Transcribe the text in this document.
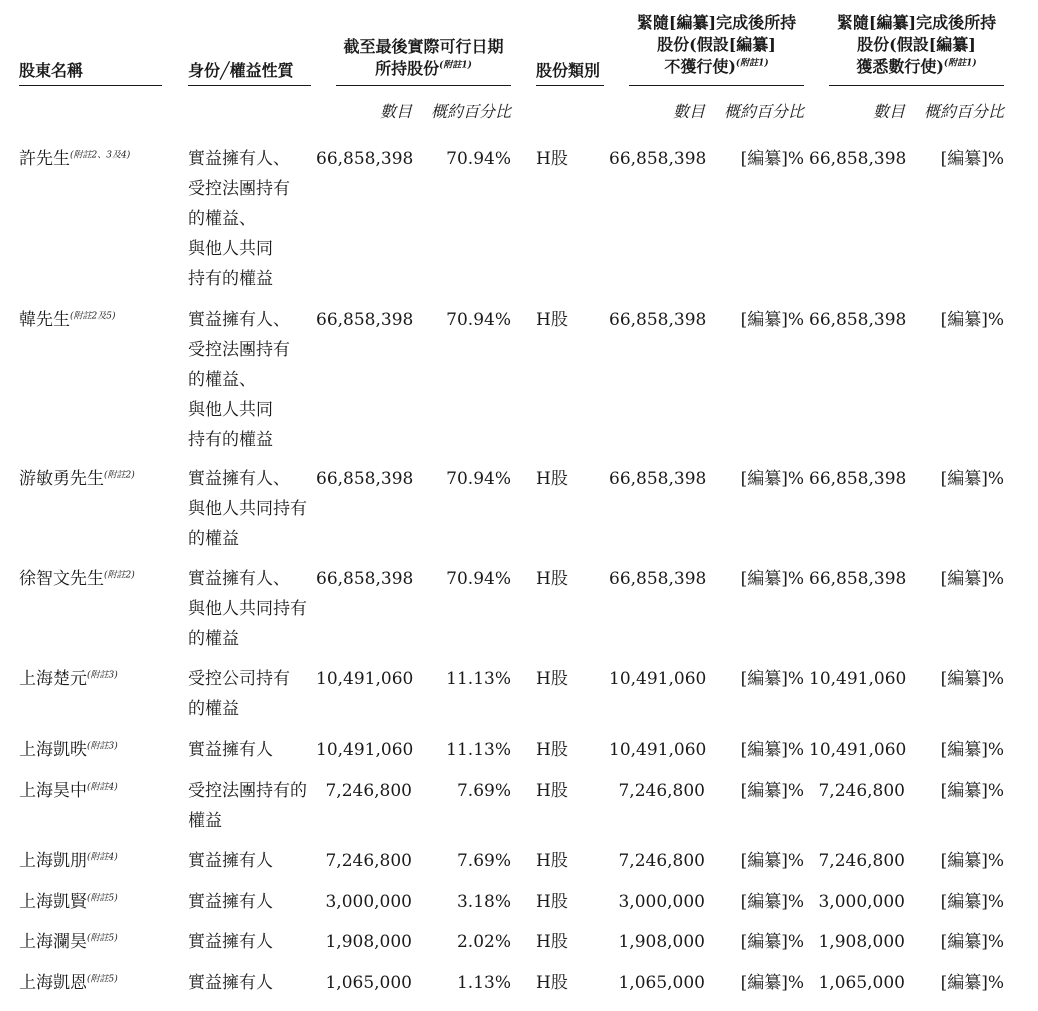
股東名稱	身份╱權益性質
截至最後實際可行日期
所持股份$^{(附註1)}$	股份類別
緊隨[編纂]完成後所持
股份(假設[編纂]
不獲行使)$^{(附註1)}$
緊隨[編纂]完成後所持
股份(假設[編纂]
獲悉數行使)$^{(附註1)}$
數目	概約百分比	數目	概約百分比	數目	概約百分比
許先生$^{(附註2、3及4)}$	實益擁有人、
受控法團持有
的權益、
與他人共同
持有的權益
66,858,398	70.94% H股 66,858,398	[編纂]% 66,858,398	[編纂]%
韓先生$^{(附註2及5)}$	實益擁有人、
受控法團持有
的權益、
與他人共同
持有的權益
66,858,398	70.94% H股 66,858,398	[編纂]% 66,858,398	[編纂]%
游敏勇先生$^{(附註2)}$	實益擁有人、
與他人共同持有
的權益
66,858,398	70.94% H股 66,858,398	[編纂]% 66,858,398	[編纂]%
徐智文先生$^{(附註2)}$	實益擁有人、
與他人共同持有
的權益
66,858,398	70.94% H股 66,858,398	[編纂]% 66,858,398	[編纂]%
上海楚元$^{(附註3)}$	受控公司持有
的權益
10,491,060	11.13% H股 10,491,060	[編纂]% 10,491,060	[編纂]%
上海凱昳$^{(附註3)}$	實益擁有人	10,491,060	11.13% H股 10,491,060	[編纂]% 10,491,060	[編纂]%
上海昊中$^{(附註4)}$	受控法團持有的
權益
7,246,800	7.69% H股	7,246,800	[編纂]% 7,246,800	[編纂]%
上海凱朋$^{(附註4)}$	實益擁有人	7,246,800	7.69% H股	7,246,800	[編纂]% 7,246,800	[編纂]%
上海凱賢$^{(附註5)}$	實益擁有人	3,000,000	3.18% H股	3,000,000	[編纂]% 3,000,000	[編纂]%
上海瀾昊$^{(附註5)}$	實益擁有人	1,908,000	2.02% H股	1,908,000	[編纂]% 1,908,000	[編纂]%
上海凱恩$^{(附註5)}$	實益擁有人	1,065,000	1.13% H股	1,065,000	[編纂]% 1,065,000	[編纂]%
